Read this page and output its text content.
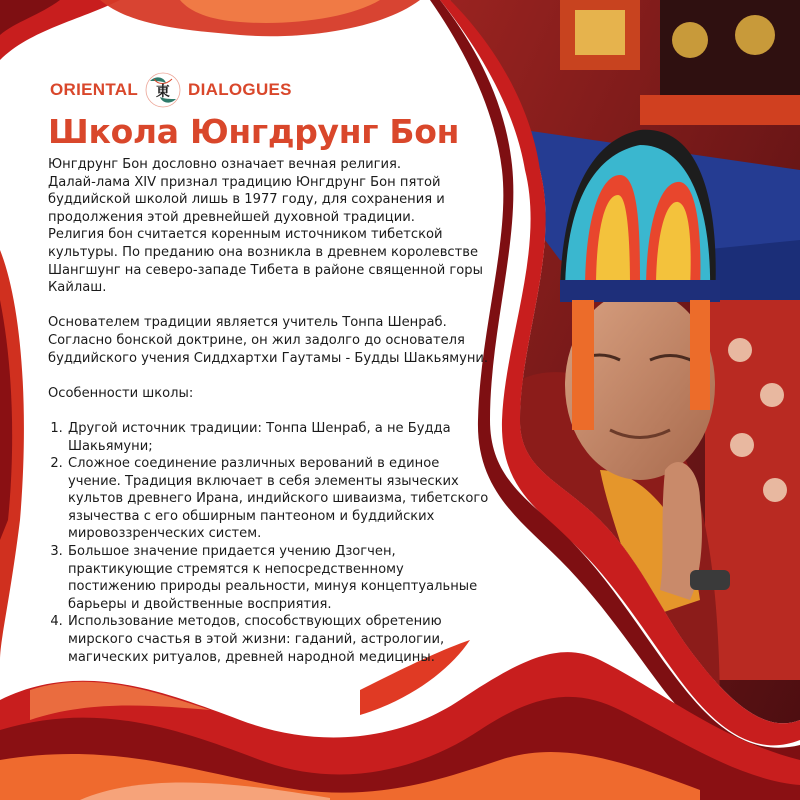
ORIENTAL 東 DIALOGUES
Школа Юнгдрунг Бон

Юнгдрунг Бон дословно означает вечная религия.
Далай-лама XIV признал традицию Юнгдрунг Бон пятой
буддийской школой лишь в 1977 году, для сохранения и
продолжения этой древнейшей духовной традиции.
Религия бон считается коренным источником тибетской
культуры. По преданию она возникла в древнем королевстве
Шангшунг на северо-западе Тибета в районе священной горы
Кайлаш.

Основателем традиции является учитель Тонпа Шенраб.
Согласно бонской доктрине, он жил задолго до основателя
буддийского учения Сиддхартхи Гаутамы - Будды Шакьямуни.

Особенности школы:

1. Другой источник традиции: Тонпа Шенраб, а не Будда
Шакьямуни;

2. Сложное соединение различных верований в единое
учение. Традиция включает в себя элементы языческих
культов древнего Ирана, индийского шиваизма, тибетского
язычества с его обширным пантеоном и буддийских
мировоззренческих систем.

3. Большое значение придается учению Дзогчен,
практикующие стремятся к непосредственному
постижению природы реальности, минуя концептуальные
барьеры и двойственные восприятия.

4. Использование методов, способствующих обретению
мирского счастья в этой жизни: гаданий, астрологии,
магических ритуалов, древней народной медицины.
